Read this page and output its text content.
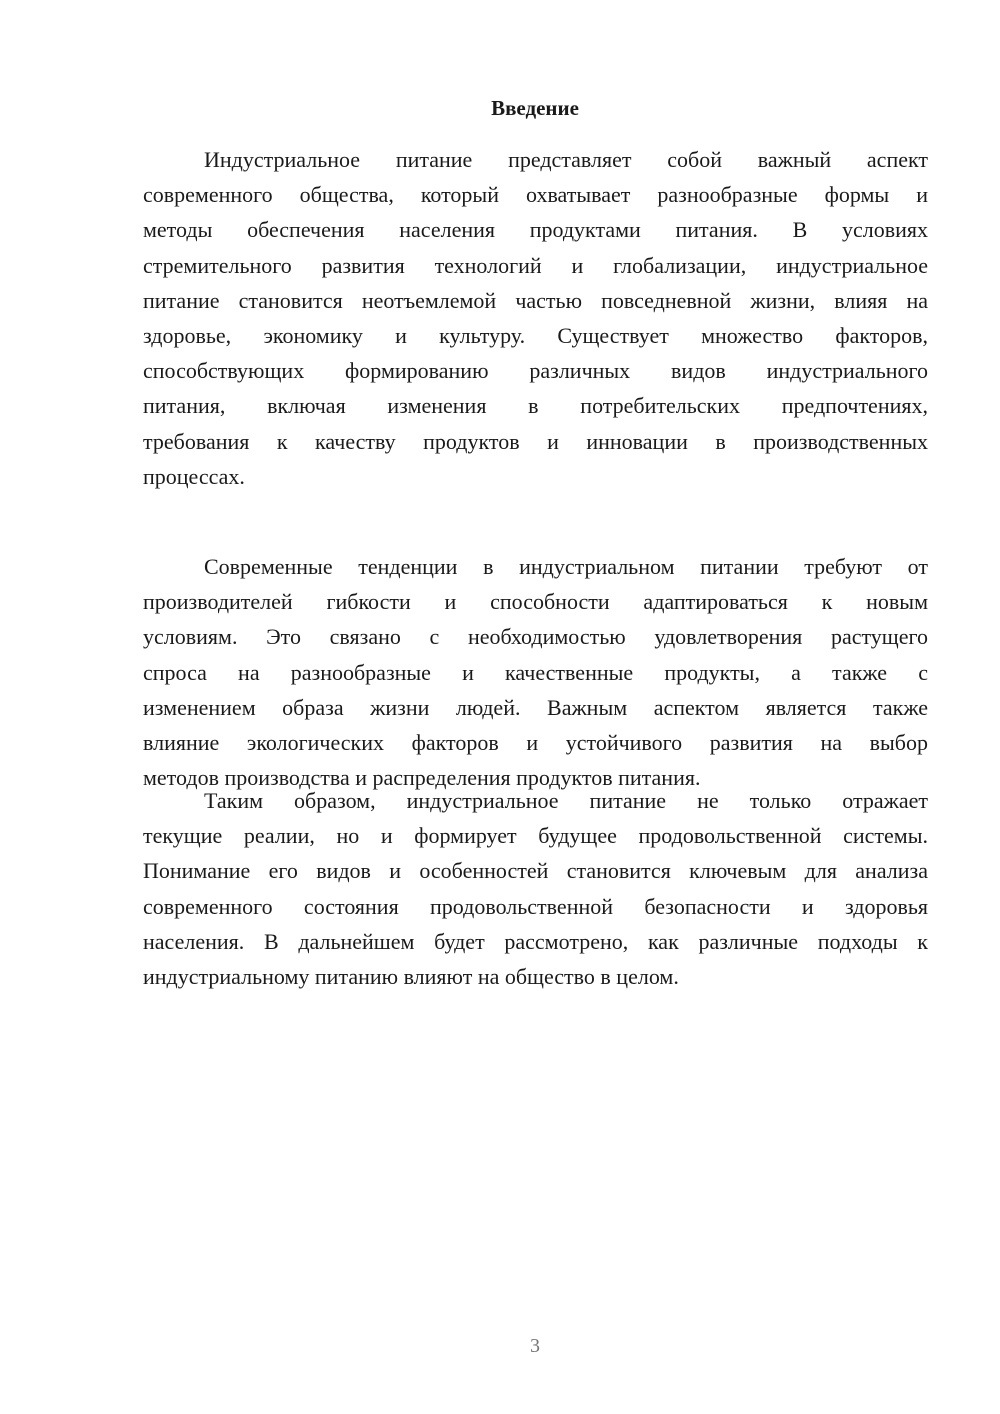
Введение
Индустриальное питание представляет собой важный аспект
современного общества, который охватывает разнообразные формы и
методы обеспечения населения продуктами питания. В условиях
стремительного развития технологий и глобализации, индустриальное
питание становится неотъемлемой частью повседневной жизни, влияя на
здоровье, экономику и культуру. Существует множество факторов,
способствующих формированию различных видов индустриального
питания, включая изменения в потребительских предпочтениях,
требования к качеству продуктов и инновации в производственных
процессах.
Современные тенденции в индустриальном питании требуют от
производителей гибкости и способности адаптироваться к новым
условиям. Это связано с необходимостью удовлетворения растущего
спроса на разнообразные и качественные продукты, а также с
изменением образа жизни людей. Важным аспектом является также
влияние экологических факторов и устойчивого развития на выбор
методов производства и распределения продуктов питания.
Таким образом, индустриальное питание не только отражает
текущие реалии, но и формирует будущее продовольственной системы.
Понимание его видов и особенностей становится ключевым для анализа
современного состояния продовольственной безопасности и здоровья
населения. В дальнейшем будет рассмотрено, как различные подходы к
индустриальному питанию влияют на общество в целом.
3
